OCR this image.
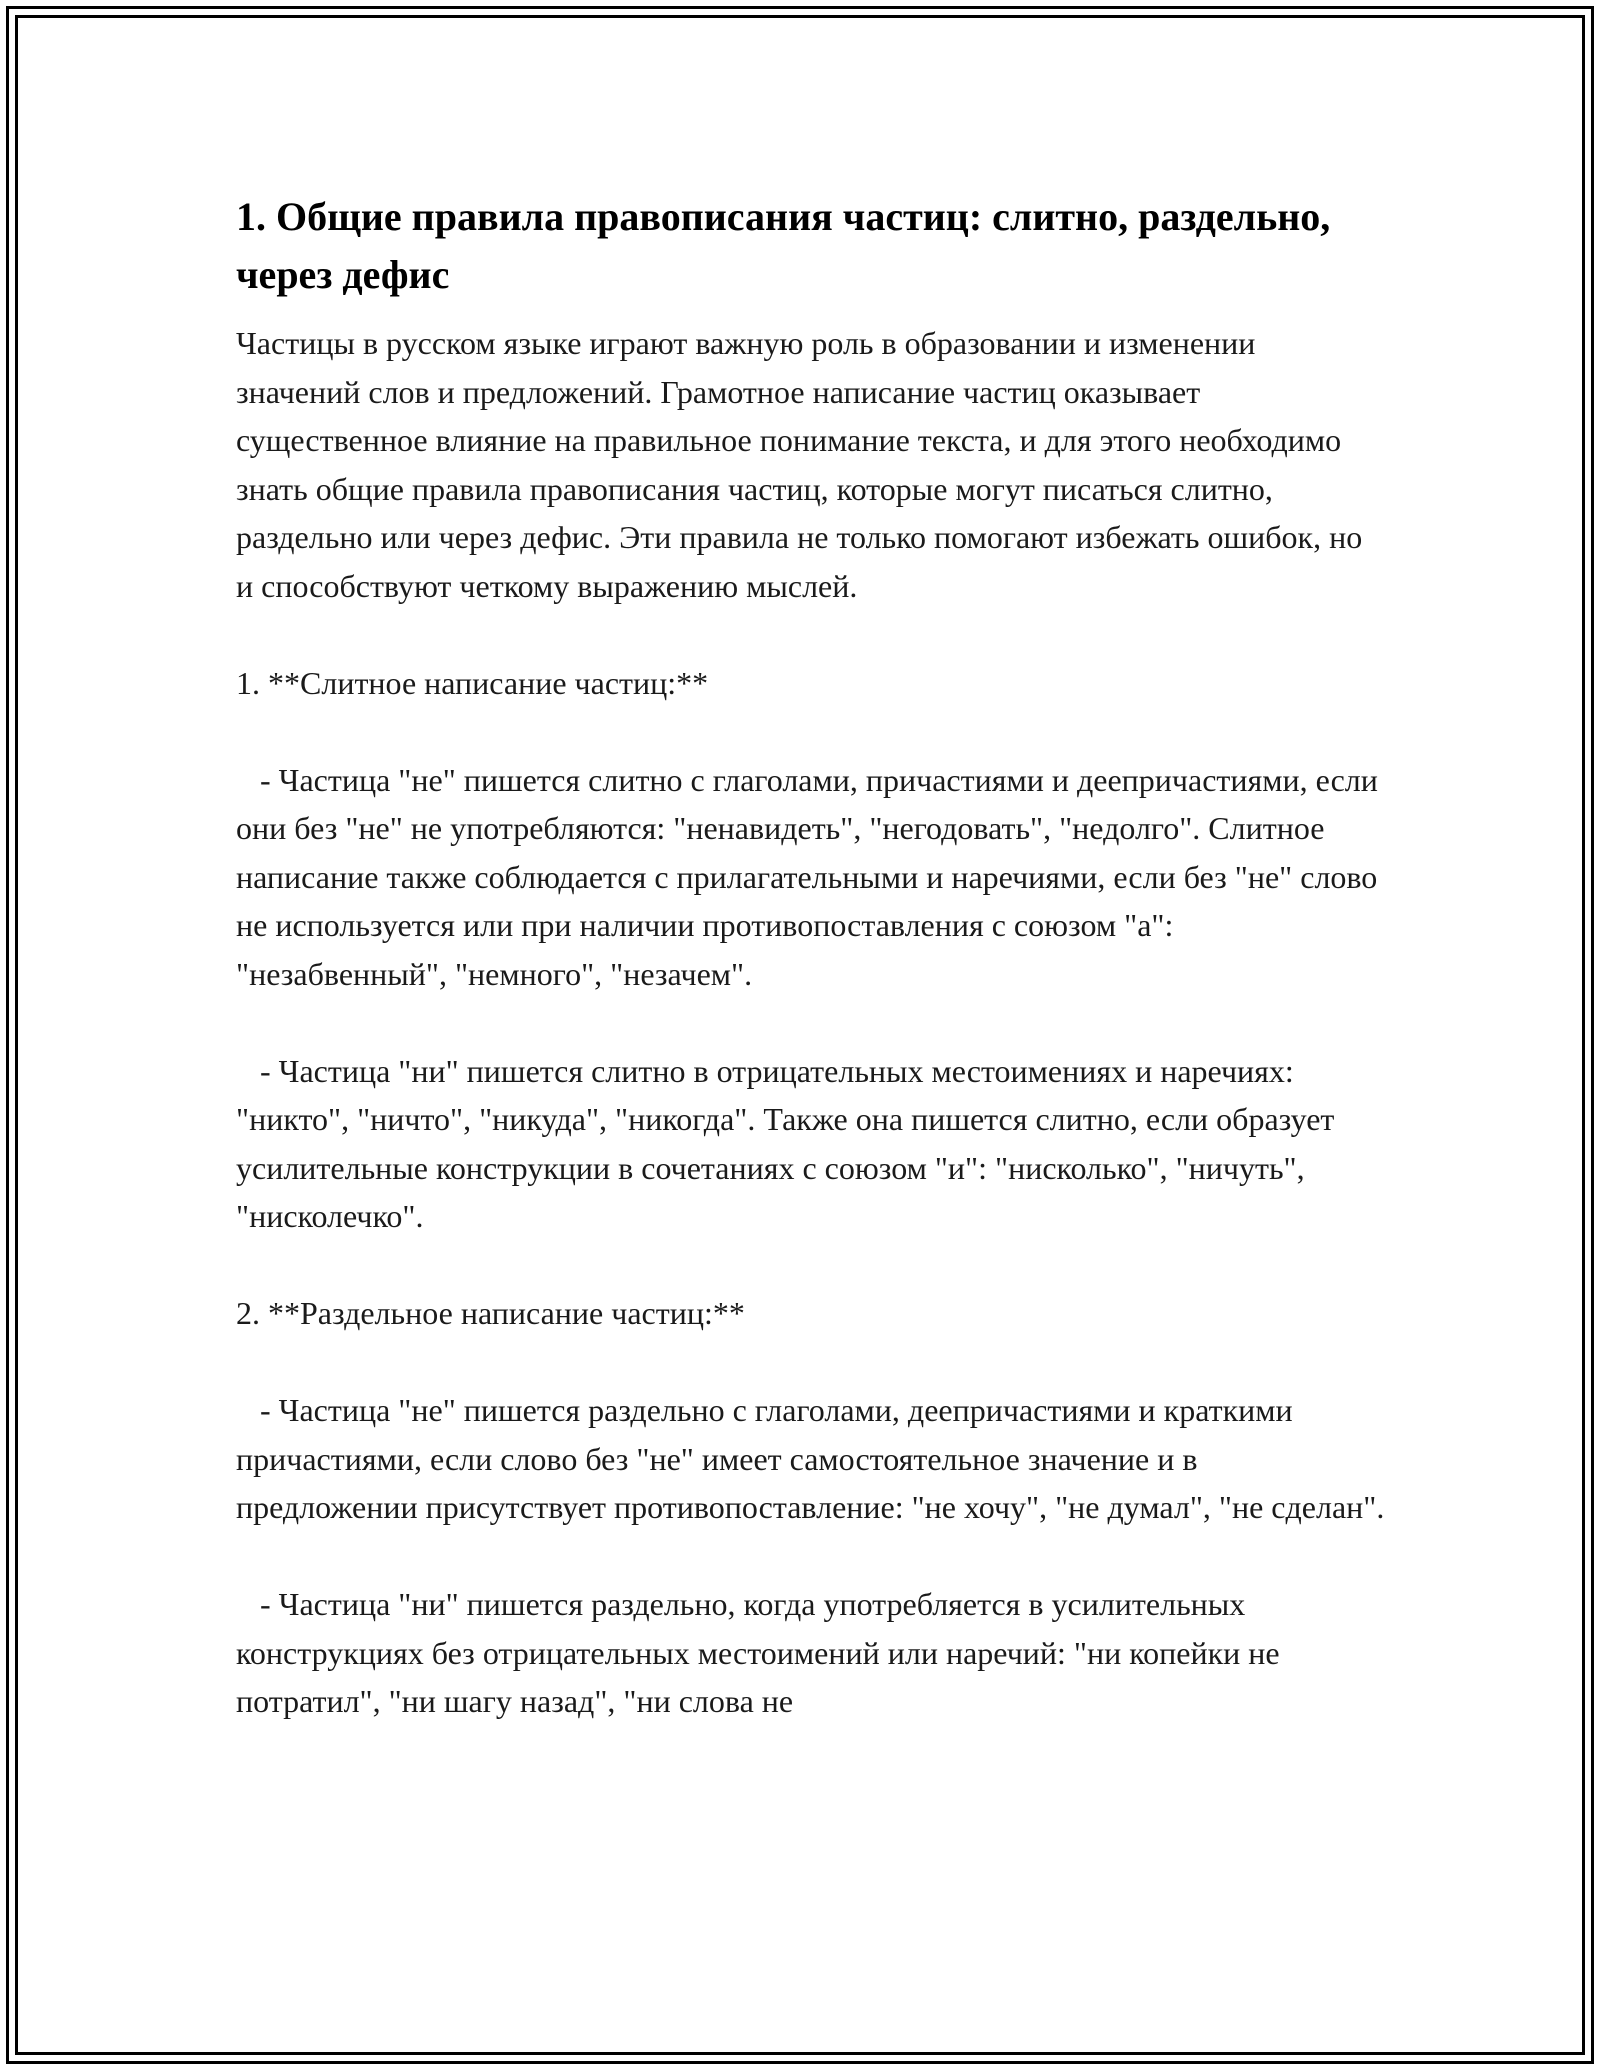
1. Общие правила правописания частиц: слитно, раздельно, через дефис

Частицы в русском языке играют важную роль в образовании и изменении значений слов и предложений. Грамотное написание частиц оказывает существенное влияние на правильное понимание текста, и для этого необходимо знать общие правила правописания частиц, которые могут писаться слитно, раздельно или через дефис. Эти правила не только помогают избежать ошибок, но и способствуют четкому выражению мыслей.

1. **Слитное написание частиц:**

- Частица "не" пишется слитно с глаголами, причастиями и деепричастиями, если они без "не" не употребляются: "ненавидеть", "негодовать", "недолго". Слитное написание также соблюдается с прилагательными и наречиями, если без "не" слово не используется или при наличии противопоставления с союзом "а": "незабвенный", "немного", "незачем".

- Частица "ни" пишется слитно в отрицательных местоимениях и наречиях: "никто", "ничто", "никуда", "никогда". Также она пишется слитно, если образует усилительные конструкции в сочетаниях с союзом "и": "нисколько", "ничуть", "нисколечко".

2. **Раздельное написание частиц:**

- Частица "не" пишется раздельно с глаголами, деепричастиями и краткими причастиями, если слово без "не" имеет самостоятельное значение и в предложении присутствует противопоставление: "не хочу", "не думал", "не сделан".

- Частица "ни" пишется раздельно, когда употребляется в усилительных конструкциях без отрицательных местоимений или наречий: "ни копейки не потратил", "ни шагу назад", "ни слова не
